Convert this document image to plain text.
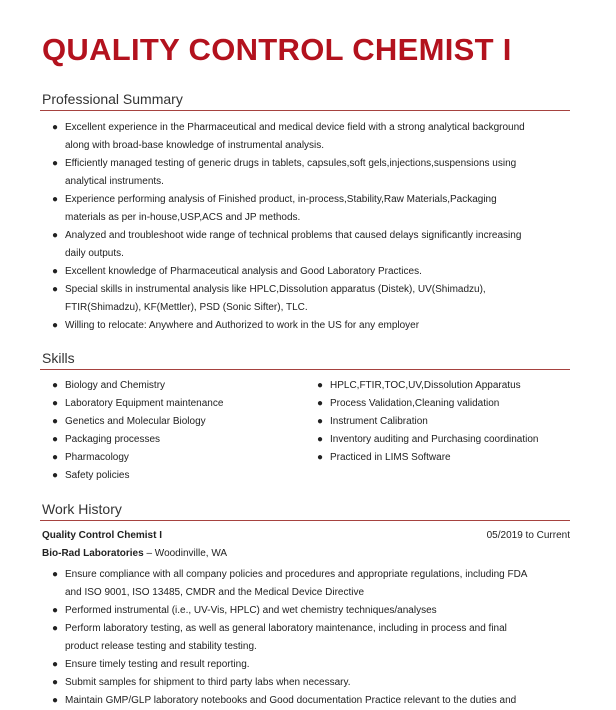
QUALITY CONTROL CHEMIST I
Professional Summary
● Excellent experience in the Pharmaceutical and medical device field with a strong analytical background
along with broad-base knowledge of instrumental analysis.
● Efficiently managed testing of generic drugs in tablets, capsules,soft gels,injections,suspensions using
analytical instruments.
● Experience performing analysis of Finished product, in-process,Stability,Raw Materials,Packaging
materials as per in-house,USP,ACS and JP methods.
● Analyzed and troubleshoot wide range of technical problems that caused delays significantly increasing
daily outputs.
● Excellent knowledge of Pharmaceutical analysis and Good Laboratory Practices.
● Special skills in instrumental analysis like HPLC,Dissolution apparatus (Distek), UV(Shimadzu),
FTIR(Shimadzu), KF(Mettler), PSD (Sonic Sifter), TLC.
● Willing to relocate: Anywhere and Authorized to work in the US for any employer
Skills
● Biology and Chemistry
● Laboratory Equipment maintenance
● Genetics and Molecular Biology
● Packaging processes
● Pharmacology
● Safety policies
● HPLC,FTIR,TOC,UV,Dissolution Apparatus
● Process Validation,Cleaning validation
● Instrument Calibration
● Inventory auditing and Purchasing coordination
● Practiced in LIMS Software
Work History
Quality Control Chemist I	05/2019 to Current
Bio-Rad Laboratories – Woodinville, WA
● Ensure compliance with all company policies and procedures and appropriate regulations, including FDA
and ISO 9001, ISO 13485, CMDR and the Medical Device Directive
● Performed instrumental (i.e., UV-Vis, HPLC) and wet chemistry techniques/analyses
● Perform laboratory testing, as well as general laboratory maintenance, including in process and final
product release testing and stability testing.
● Ensure timely testing and result reporting.
● Submit samples for shipment to third party labs when necessary.
● Maintain GMP/GLP laboratory notebooks and Good documentation Practice relevant to the duties and
